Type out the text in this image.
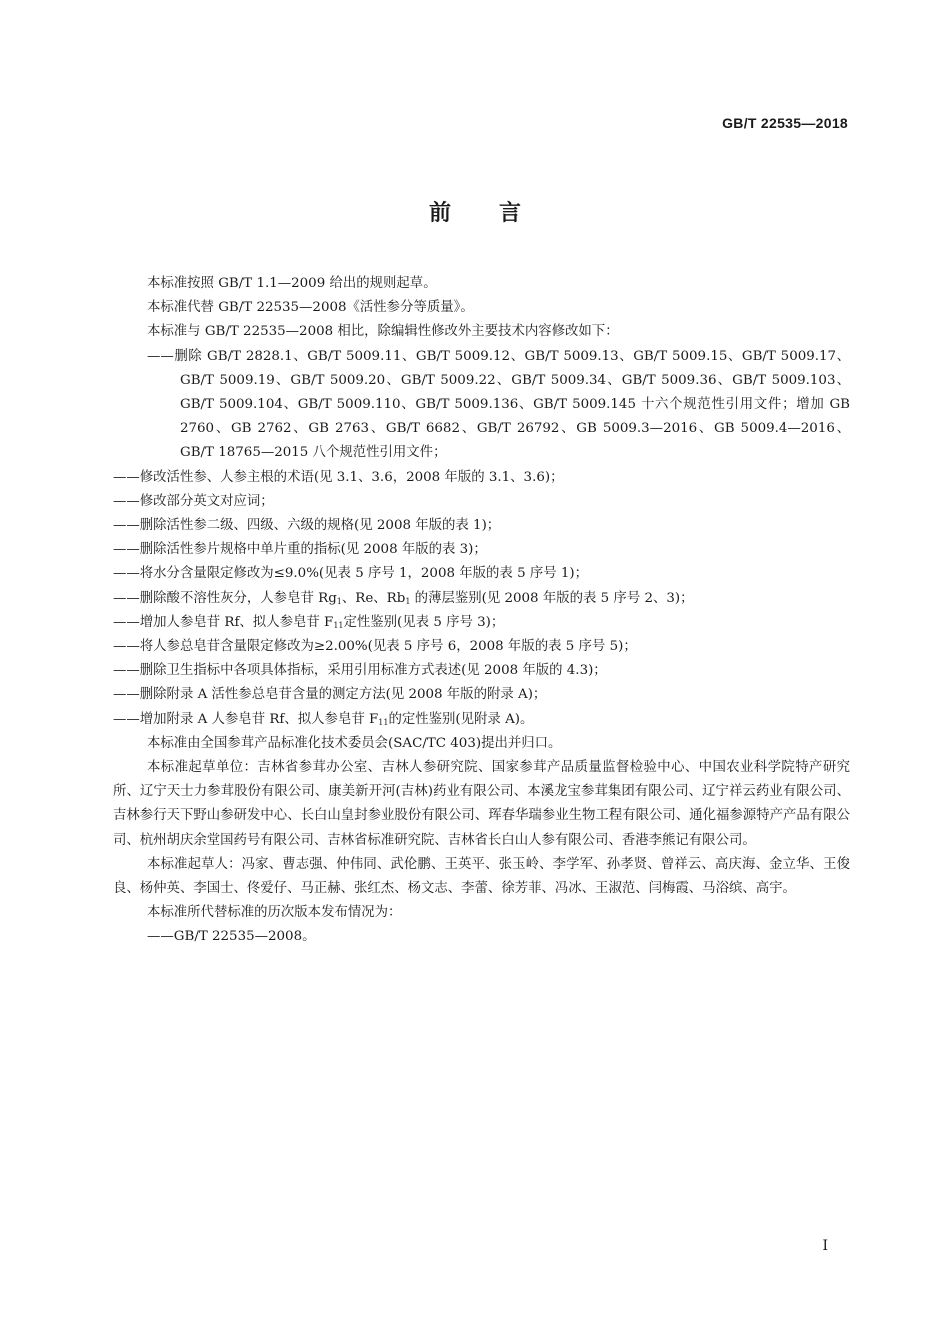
GB/T 22535—2018
前言

本标准按照 GB/T 1.1—2009 给出的规则起草。

本标准代替 GB/T 22535—2008《活性参分等质量》。

本标准与 GB/T 22535—2008 相比，除编辑性修改外主要技术内容修改如下：

——删除 GB/T 2828.1、GB/T 5009.11、GB/T 5009.12、GB/T 5009.13、GB/T 5009.15、GB/T 5009.17、GB/T 5009.19、GB/T 5009.20、GB/T 5009.22、GB/T 5009.34、GB/T 5009.36、GB/T 5009.103、GB/T 5009.104、GB/T 5009.110、GB/T 5009.136、GB/T 5009.145 十六个规范性引用文件；增加 GB 2760、GB 2762、GB 2763、GB/T 6682、GB/T 26792、GB 5009.3—2016、GB 5009.4—2016、GB/T 18765—2015 八个规范性引用文件；

——修改活性参、人参主根的术语(见 3.1、3.6，2008 年版的 3.1、3.6)；

——修改部分英文对应词；

——删除活性参二级、四级、六级的规格(见 2008 年版的表 1)；

——删除活性参片规格中单片重的指标(见 2008 年版的表 3)；

——将水分含量限定修改为≤9.0%(见表 5 序号 1，2008 年版的表 5 序号 1)；

——删除酸不溶性灰分，人参皂苷 $Rg_1$、Re、$Rb_1$ 的薄层鉴别(见 2008 年版的表 5 序号 2、3)；

——增加人参皂苷 Rf、拟人参皂苷 $F_{11}$定性鉴别(见表 5 序号 3)；

——将人参总皂苷含量限定修改为≥2.00%(见表 5 序号 6，2008 年版的表 5 序号 5)；

——删除卫生指标中各项具体指标，采用引用标准方式表述(见 2008 年版的 4.3)；

——删除附录 A 活性参总皂苷含量的测定方法(见 2008 年版的附录 A)；

——增加附录 A 人参皂苷 Rf、拟人参皂苷 $F_{11}$的定性鉴别(见附录 A)。

本标准由全国参茸产品标准化技术委员会(SAC/TC 403)提出并归口。

本标准起草单位：吉林省参茸办公室、吉林人参研究院、国家参茸产品质量监督检验中心、中国农业科学院特产研究所、辽宁天士力参茸股份有限公司、康美新开河(吉林)药业有限公司、本溪龙宝参茸集团有限公司、辽宁祥云药业有限公司、吉林参行天下野山参研发中心、长白山皇封参业股份有限公司、珲春华瑞参业生物工程有限公司、通化福参源特产产品有限公司、杭州胡庆余堂国药号有限公司、吉林省标准研究院、吉林省长白山人参有限公司、香港李熊记有限公司。

本标准起草人：冯家、曹志强、仲伟同、武伦鹏、王英平、张玉岭、李学军、孙孝贤、曾祥云、高庆海、金立华、王俊良、杨仲英、李国士、佟爱仔、马正赫、张红杰、杨文志、李蕾、徐芳菲、冯冰、王淑范、闫梅霞、马浴缤、高宇。

本标准所代替标准的历次版本发布情况为：

——GB/T 22535—2008。

I
